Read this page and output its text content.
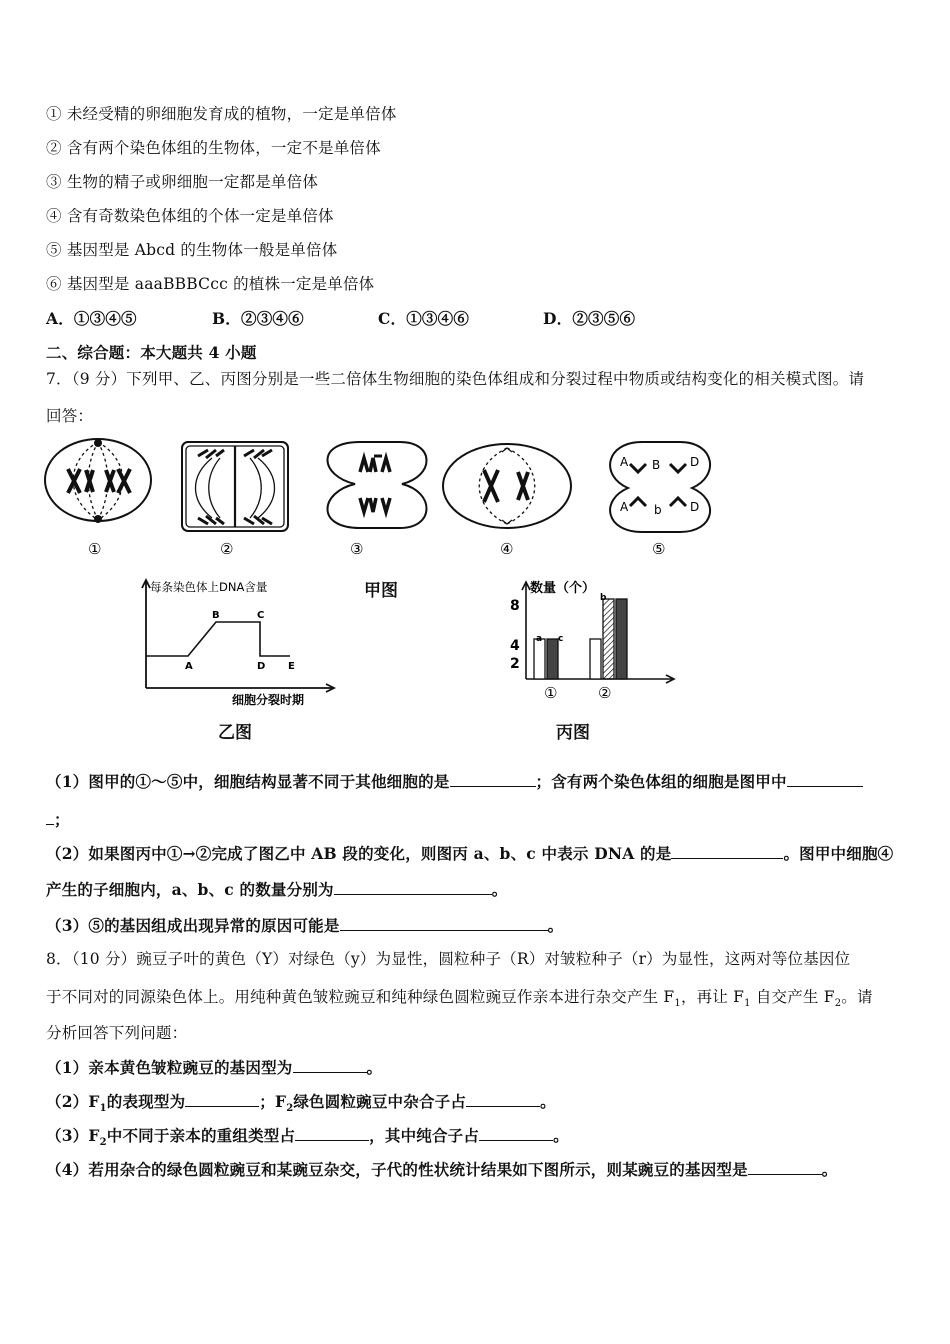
① 未经受精的卵细胞发育成的植物，一定是单倍体
② 含有两个染色体组的生物体，一定不是单倍体
③ 生物的精子或卵细胞一定都是单倍体
④ 含有奇数染色体组的个体一定是单倍体
⑤ 基因型是 Abcd 的生物体一般是单倍体
⑥ 基因型是 aaaBBBCcc 的植株一定是单倍体
A．①③④⑤	B．②③④⑥	C．①③④⑥	D．②③⑤⑥
二、综合题：本大题共 4 小题
7．（9 分）下列甲、乙、丙图分别是一些二倍体生物细胞的染色体组成和分裂过程中物质或结构变化的相关模式图。请
回答：
A B D
A b D
①	②	③	④	⑤
甲图
每条染色体上DNA含量
A
B	C
D E
细胞分裂时期
乙图
数量（个）
8
4
2
a c
b
①	②
丙图
（1）图甲的①～⑤中，细胞结构显著不同于其他细胞的是	；含有两个染色体组的细胞是图甲中
；
（2）如果图丙中①→②完成了图乙中 AB 段的变化，则图丙 a、b、c 中表示 DNA 的是	。图甲中细胞④
产生的子细胞内，a、b、c 的数量分别为	。
（3）⑤的基因组成出现异常的原因可能是	。
8．（10 分）豌豆子叶的黄色（Y）对绿色（y）为显性，圆粒种子（R）对皱粒种子（r）为显性，这两对等位基因位
于不同对的同源染色体上。用纯种黄色皱粒豌豆和纯种绿色圆粒豌豆作亲本进行杂交产生 $F_1$，再让 $F_1$ 自交产生 $F_2$。请
分析回答下列问题：
（1）亲本黄色皱粒豌豆的基因型为	。
$(2)F_1$的表现型为	；$F_2$绿色圆粒豌豆中杂合子占	。
$(3)F_2$中不同于亲本的重组类型占	，其中纯合子占	。
（4）若用杂合的绿色圆粒豌豆和某豌豆杂交，子代的性状统计结果如下图所示，则某豌豆的基因型是	。
